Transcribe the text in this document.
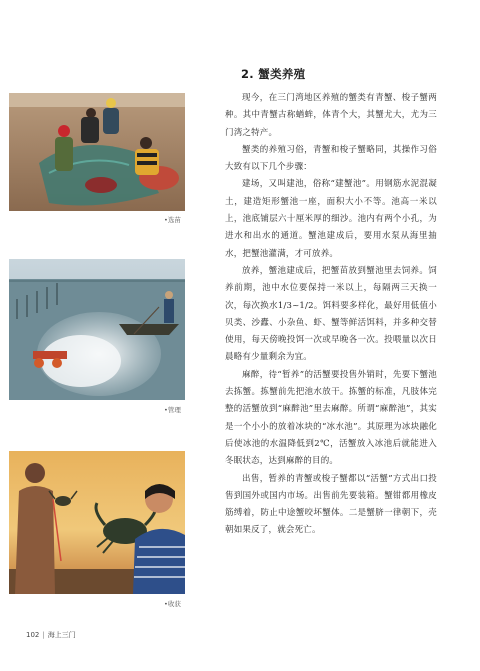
•选苗
•管理
•收获
2. 蟹类养殖

现今，在三门湾地区养殖的蟹类有青蟹、梭子蟹两种。其中青蟹古称蝤蛑，体青个大，其蟹尤大，尤为三门湾之特产。

蟹类的养殖习俗，青蟹和梭子蟹略同，其操作习俗大致有以下几个步骤：

建场，又叫建池，俗称“建蟹池”。用钢筋水泥混凝土，建造矩形蟹池一座，面积大小不等。池高一米以上，池底铺层六十厘米厚的细沙。池内有两个小孔，为进水和出水的通道。蟹池建成后，要用水泵从海里抽水，把蟹池灌满，才可放养。

放养，蟹池建成后，把蟹苗放到蟹池里去饲养。饲养前期，池中水位要保持一米以上，每隔两三天换一次，每次换水1/3~1/2。饵料要多样化，最好用低值小贝类、沙蠹、小杂鱼、虾、蟹等鲜活饵料，并多种交替使用，每天傍晚投饵一次或早晚各一次。投喂量以次日晨略有少量剩余为宜。

麻醉，待“暂养”的活蟹要投售外销时，先要下蟹池去拣蟹。拣蟹前先把池水放干。拣蟹的标准，凡肢体完整的活蟹放到“麻醉池”里去麻醉。所谓“麻醉池”，其实是一个小小的放着冰块的“冰水池”。其原理为冰块融化后使冰池的水温降低到2℃，活蟹放入冰池后就能进入冬眠状态，达到麻醉的目的。

出售，暂养的青蟹或梭子蟹都以“活蟹”方式出口投售到国外或国内市场。出售前先要装箱。蟹钳都用橡皮筋缚着，防止中途蟹咬坏蟹体。二是蟹脐一律朝下，壳朝如果反了，就会死亡。

102 | 海上三门
